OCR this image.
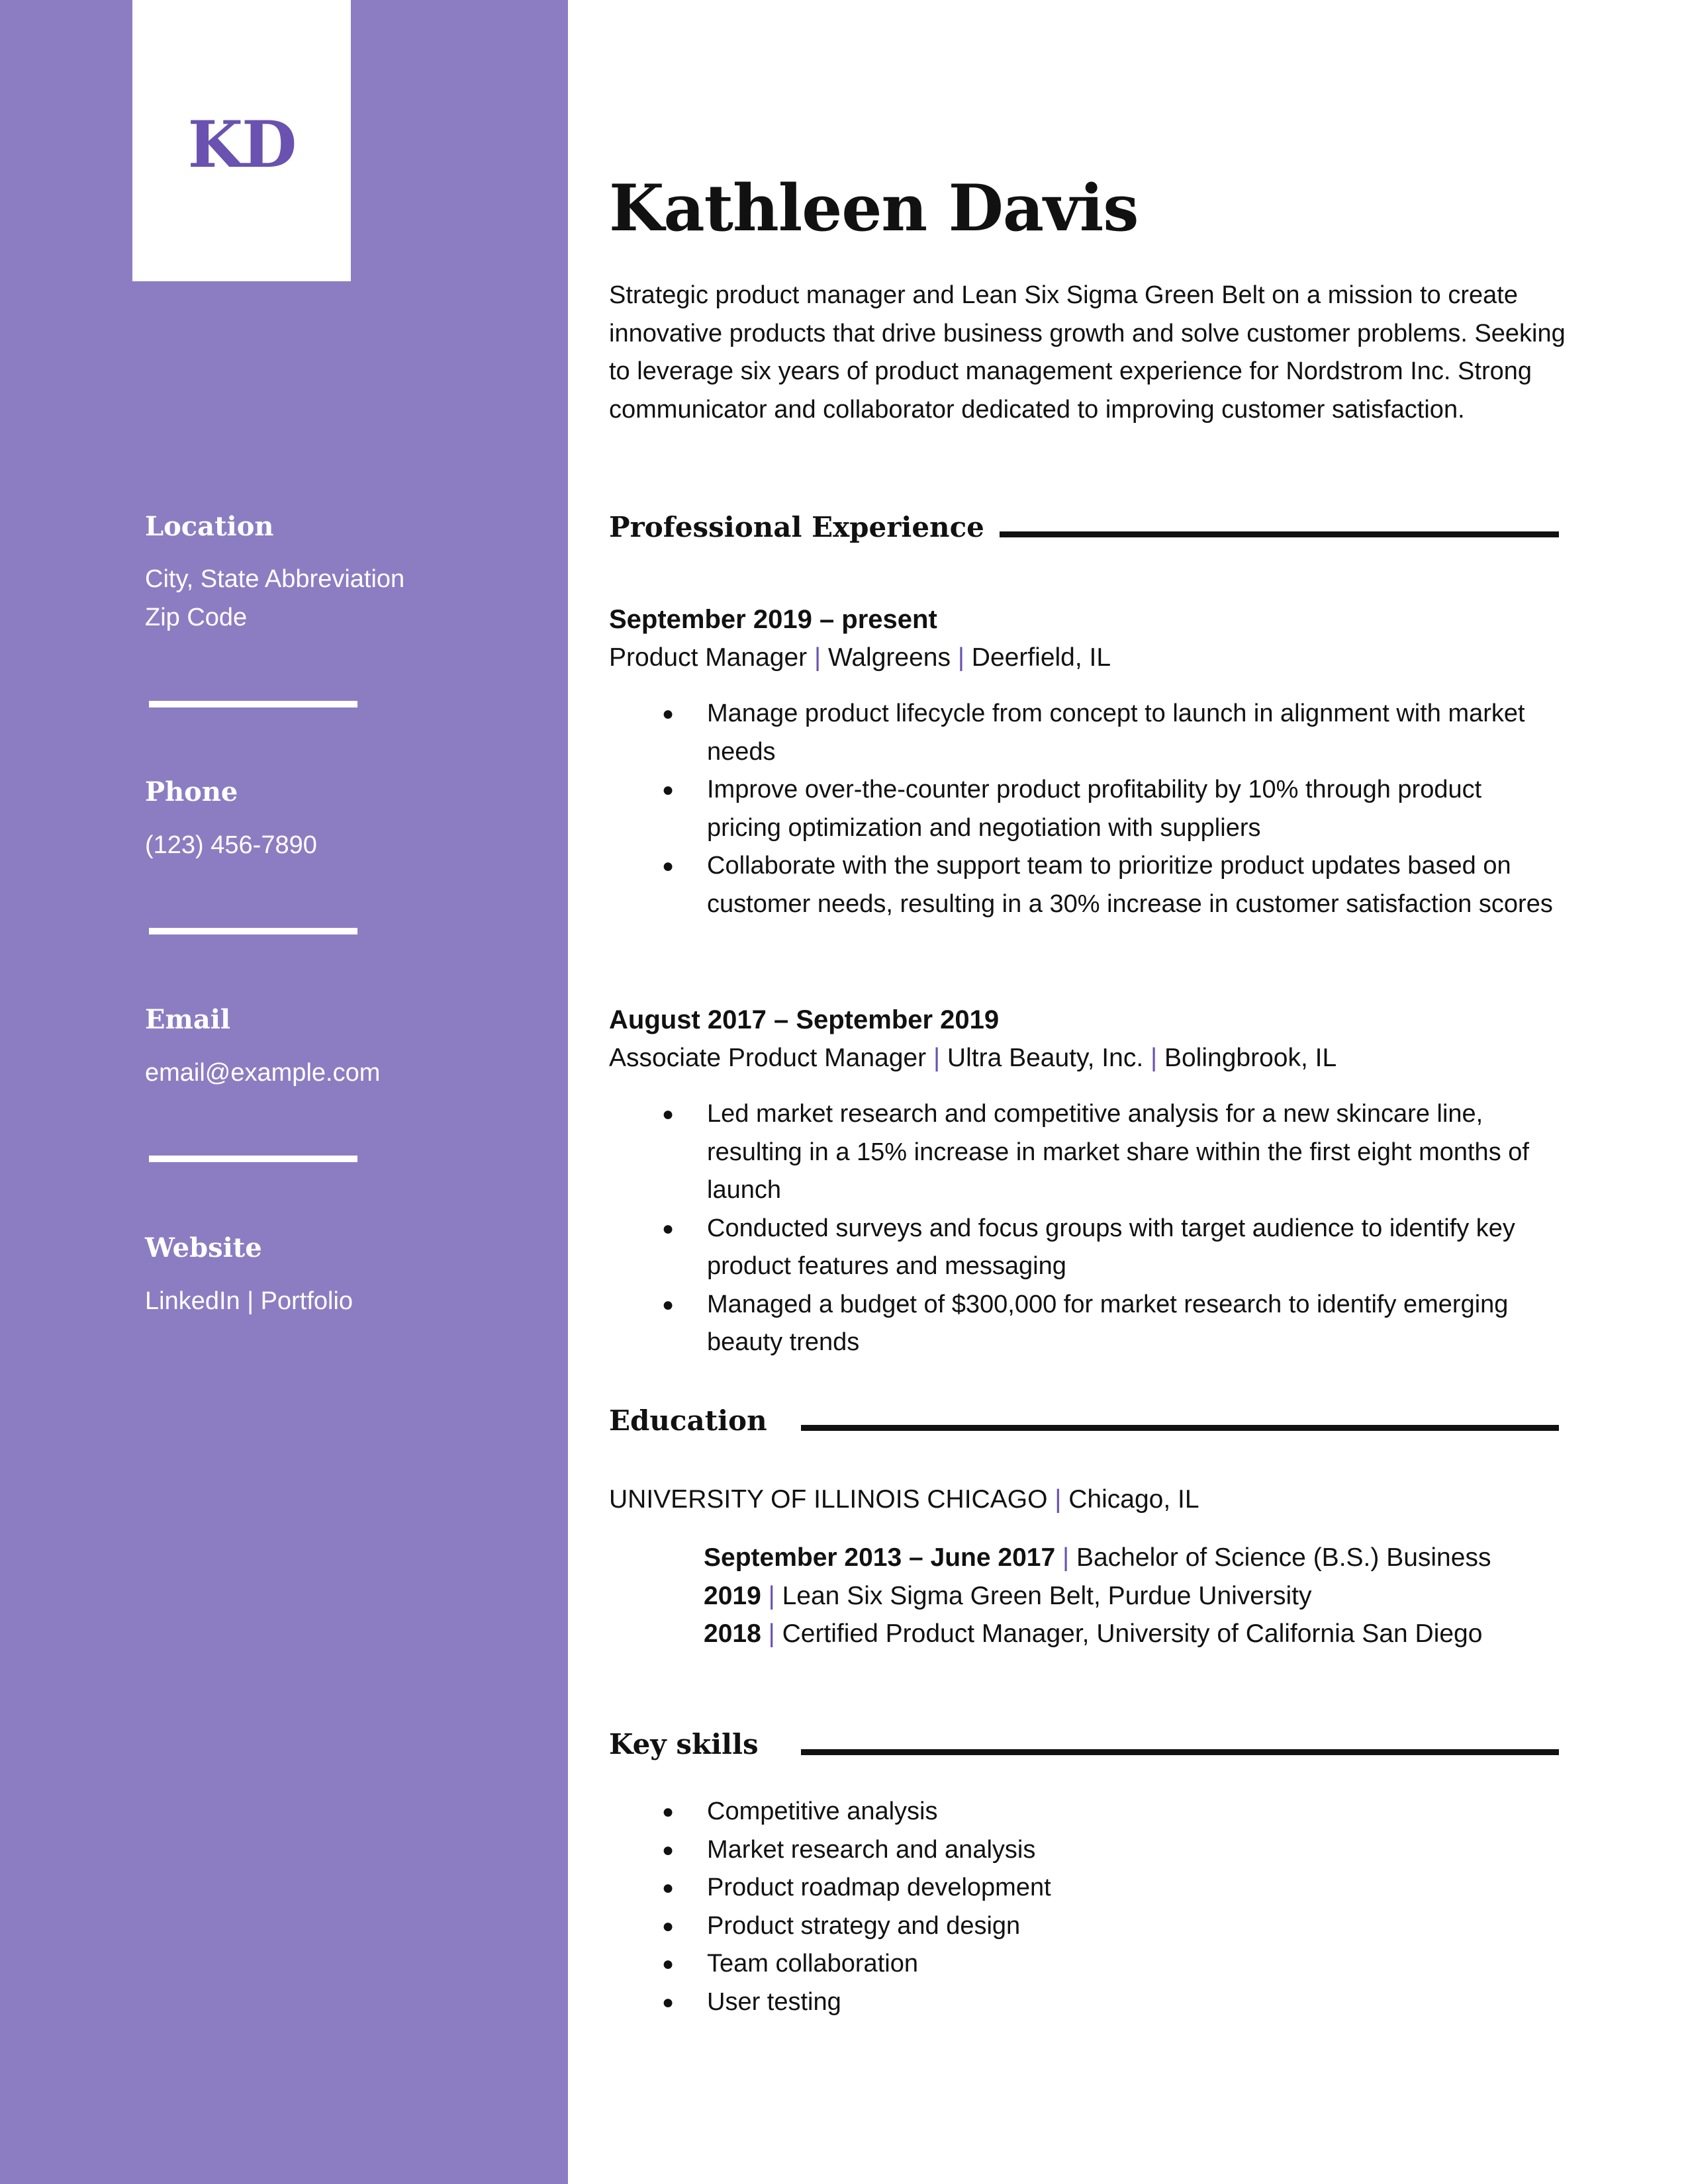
KD
Location

City, State Abbreviation

Zip Code

Phone

(123) 456-7890

Email

email@example.com

Website

LinkedIn | Portfolio

Kathleen Davis

Strategic product manager and Lean Six Sigma Green Belt on a mission to create innovative products that drive business growth and solve customer problems. Seeking to leverage six years of product management experience for Nordstrom Inc. Strong communicator and collaborator dedicated to improving customer satisfaction.

Professional Experience

September 2019 – present

Product Manager | Walgreens | Deerfield, IL

● Manage product lifecycle from concept to launch in alignment with market needs
● Improve over-the-counter product profitability by 10% through product pricing optimization and negotiation with suppliers
● Collaborate with the support team to prioritize product updates based on customer needs, resulting in a 30% increase in customer satisfaction scores

August 2017 – September 2019

Associate Product Manager | Ultra Beauty, Inc. | Bolingbrook, IL

● Led market research and competitive analysis for a new skincare line, resulting in a 15% increase in market share within the first eight months of launch
● Conducted surveys and focus groups with target audience to identify key product features and messaging
● Managed a budget of $300,000 for market research to identify emerging beauty trends
Education

UNIVERSITY OF ILLINOIS CHICAGO | Chicago, IL

September 2013 – June 2017 | Bachelor of Science (B.S.) Business

2019 | Lean Six Sigma Green Belt, Purdue University

2018 | Certified Product Manager, University of California San Diego

Key skills
● Competitive analysis
● Market research and analysis
● Product roadmap development
● Product strategy and design
● Team collaboration
● User testing
